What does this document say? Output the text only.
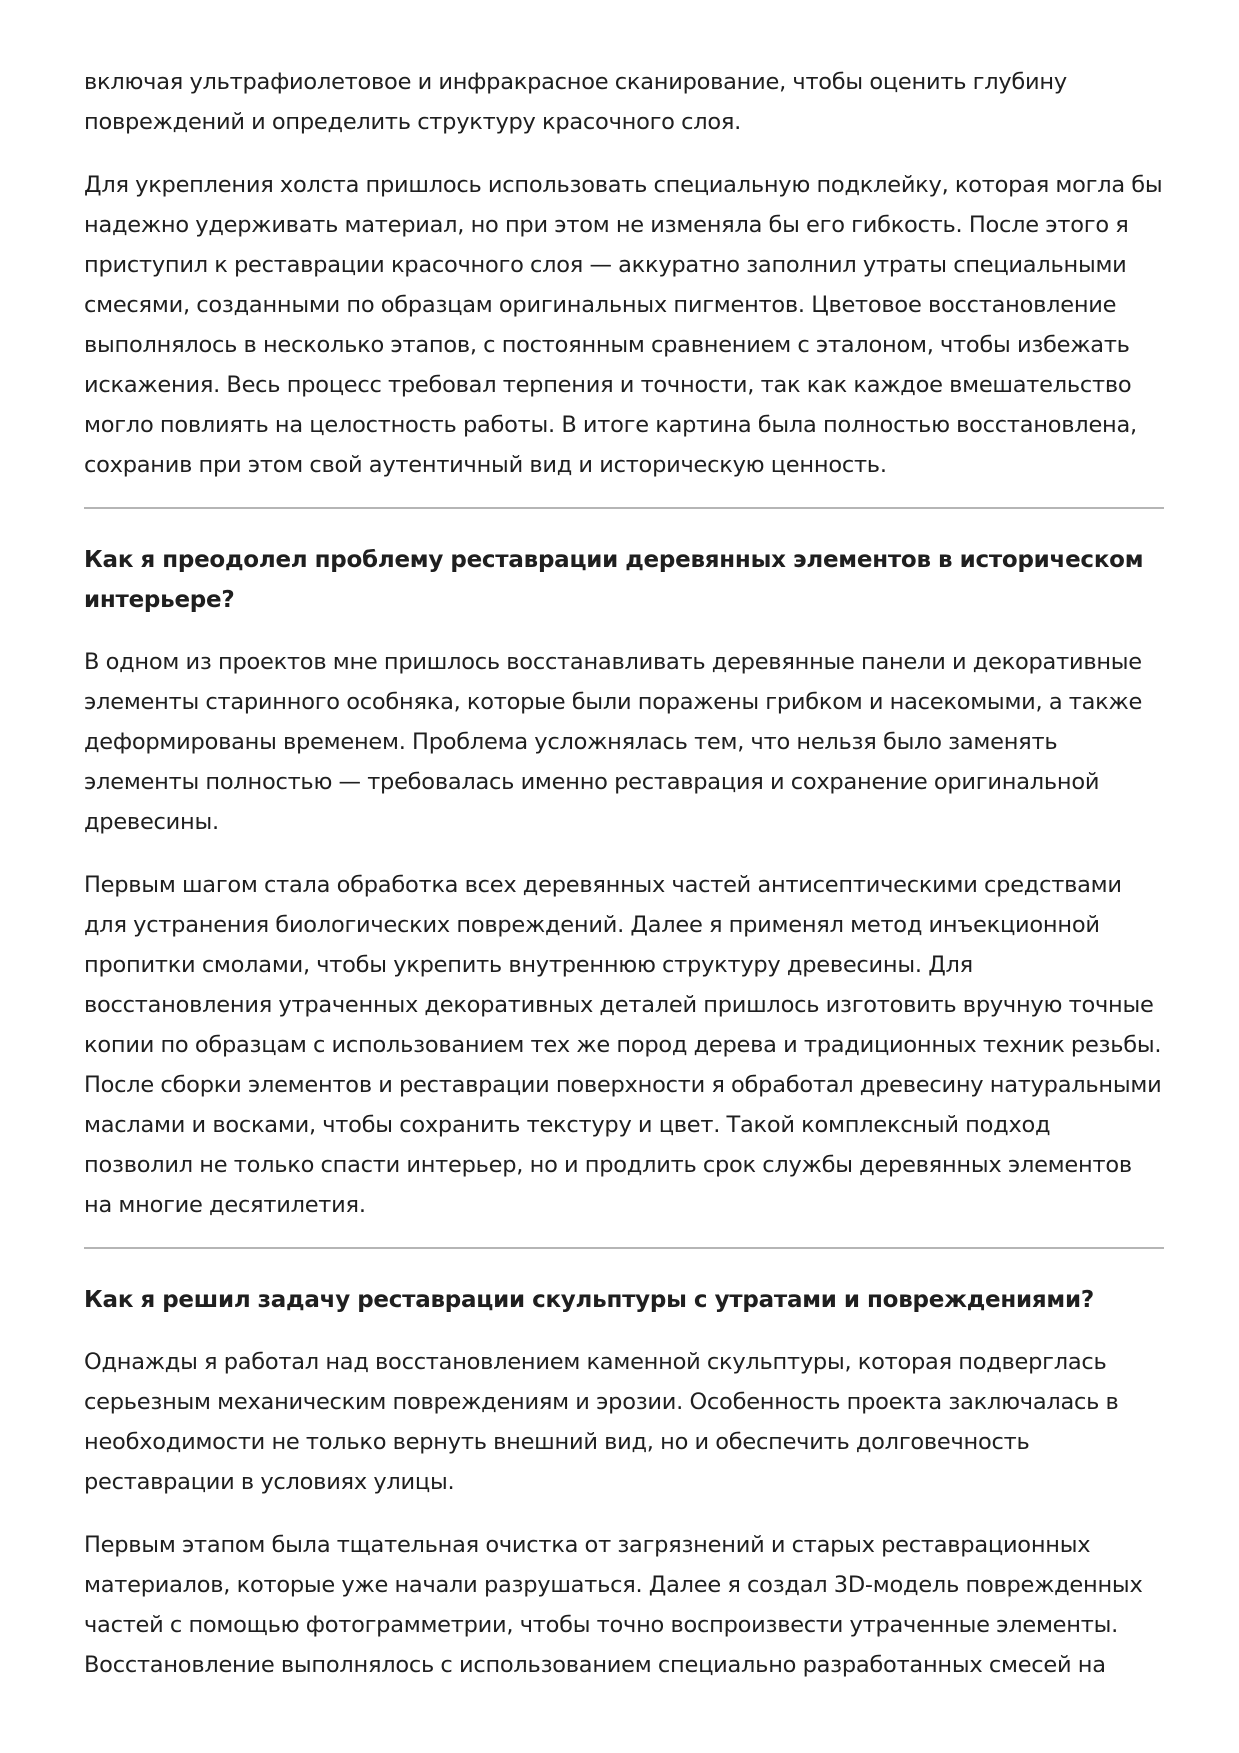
включая ультрафиолетовое и инфракрасное сканирование, чтобы оценить глубину повреждений и определить структуру красочного слоя.

Для укрепления холста пришлось использовать специальную подклейку, которая могла бы надежно удерживать материал, но при этом не изменяла бы его гибкость. После этого я приступил к реставрации красочного слоя — аккуратно заполнил утраты специальными смесями, созданными по образцам оригинальных пигментов. Цветовое восстановление выполнялось в несколько этапов, с постоянным сравнением с эталоном, чтобы избежать искажения. Весь процесс требовал терпения и точности, так как каждое вмешательство могло повлиять на целостность работы. В итоге картина была полностью восстановлена, сохранив при этом свой аутентичный вид и историческую ценность.

Как я преодолел проблему реставрации деревянных элементов в историческом интерьере?

В одном из проектов мне пришлось восстанавливать деревянные панели и декоративные элементы старинного особняка, которые были поражены грибком и насекомыми, а также деформированы временем. Проблема усложнялась тем, что нельзя было заменять элементы полностью — требовалась именно реставрация и сохранение оригинальной древесины.

Первым шагом стала обработка всех деревянных частей антисептическими средствами для устранения биологических повреждений. Далее я применял метод инъекционной пропитки смолами, чтобы укрепить внутреннюю структуру древесины. Для восстановления утраченных декоративных деталей пришлось изготовить вручную точные копии по образцам с использованием тех же пород дерева и традиционных техник резьбы. После сборки элементов и реставрации поверхности я обработал древесину натуральными маслами и восками, чтобы сохранить текстуру и цвет. Такой комплексный подход позволил не только спасти интерьер, но и продлить срок службы деревянных элементов на многие десятилетия.

Как я решил задачу реставрации скульптуры с утратами и повреждениями?

Однажды я работал над восстановлением каменной скульптуры, которая подверглась серьезным механическим повреждениям и эрозии. Особенность проекта заключалась в необходимости не только вернуть внешний вид, но и обеспечить долговечность реставрации в условиях улицы.

Первым этапом была тщательная очистка от загрязнений и старых реставрационных материалов, которые уже начали разрушаться. Далее я создал 3D-модель поврежденных частей с помощью фотограмметрии, чтобы точно воспроизвести утраченные элементы. Восстановление выполнялось с использованием специально разработанных смесей на
